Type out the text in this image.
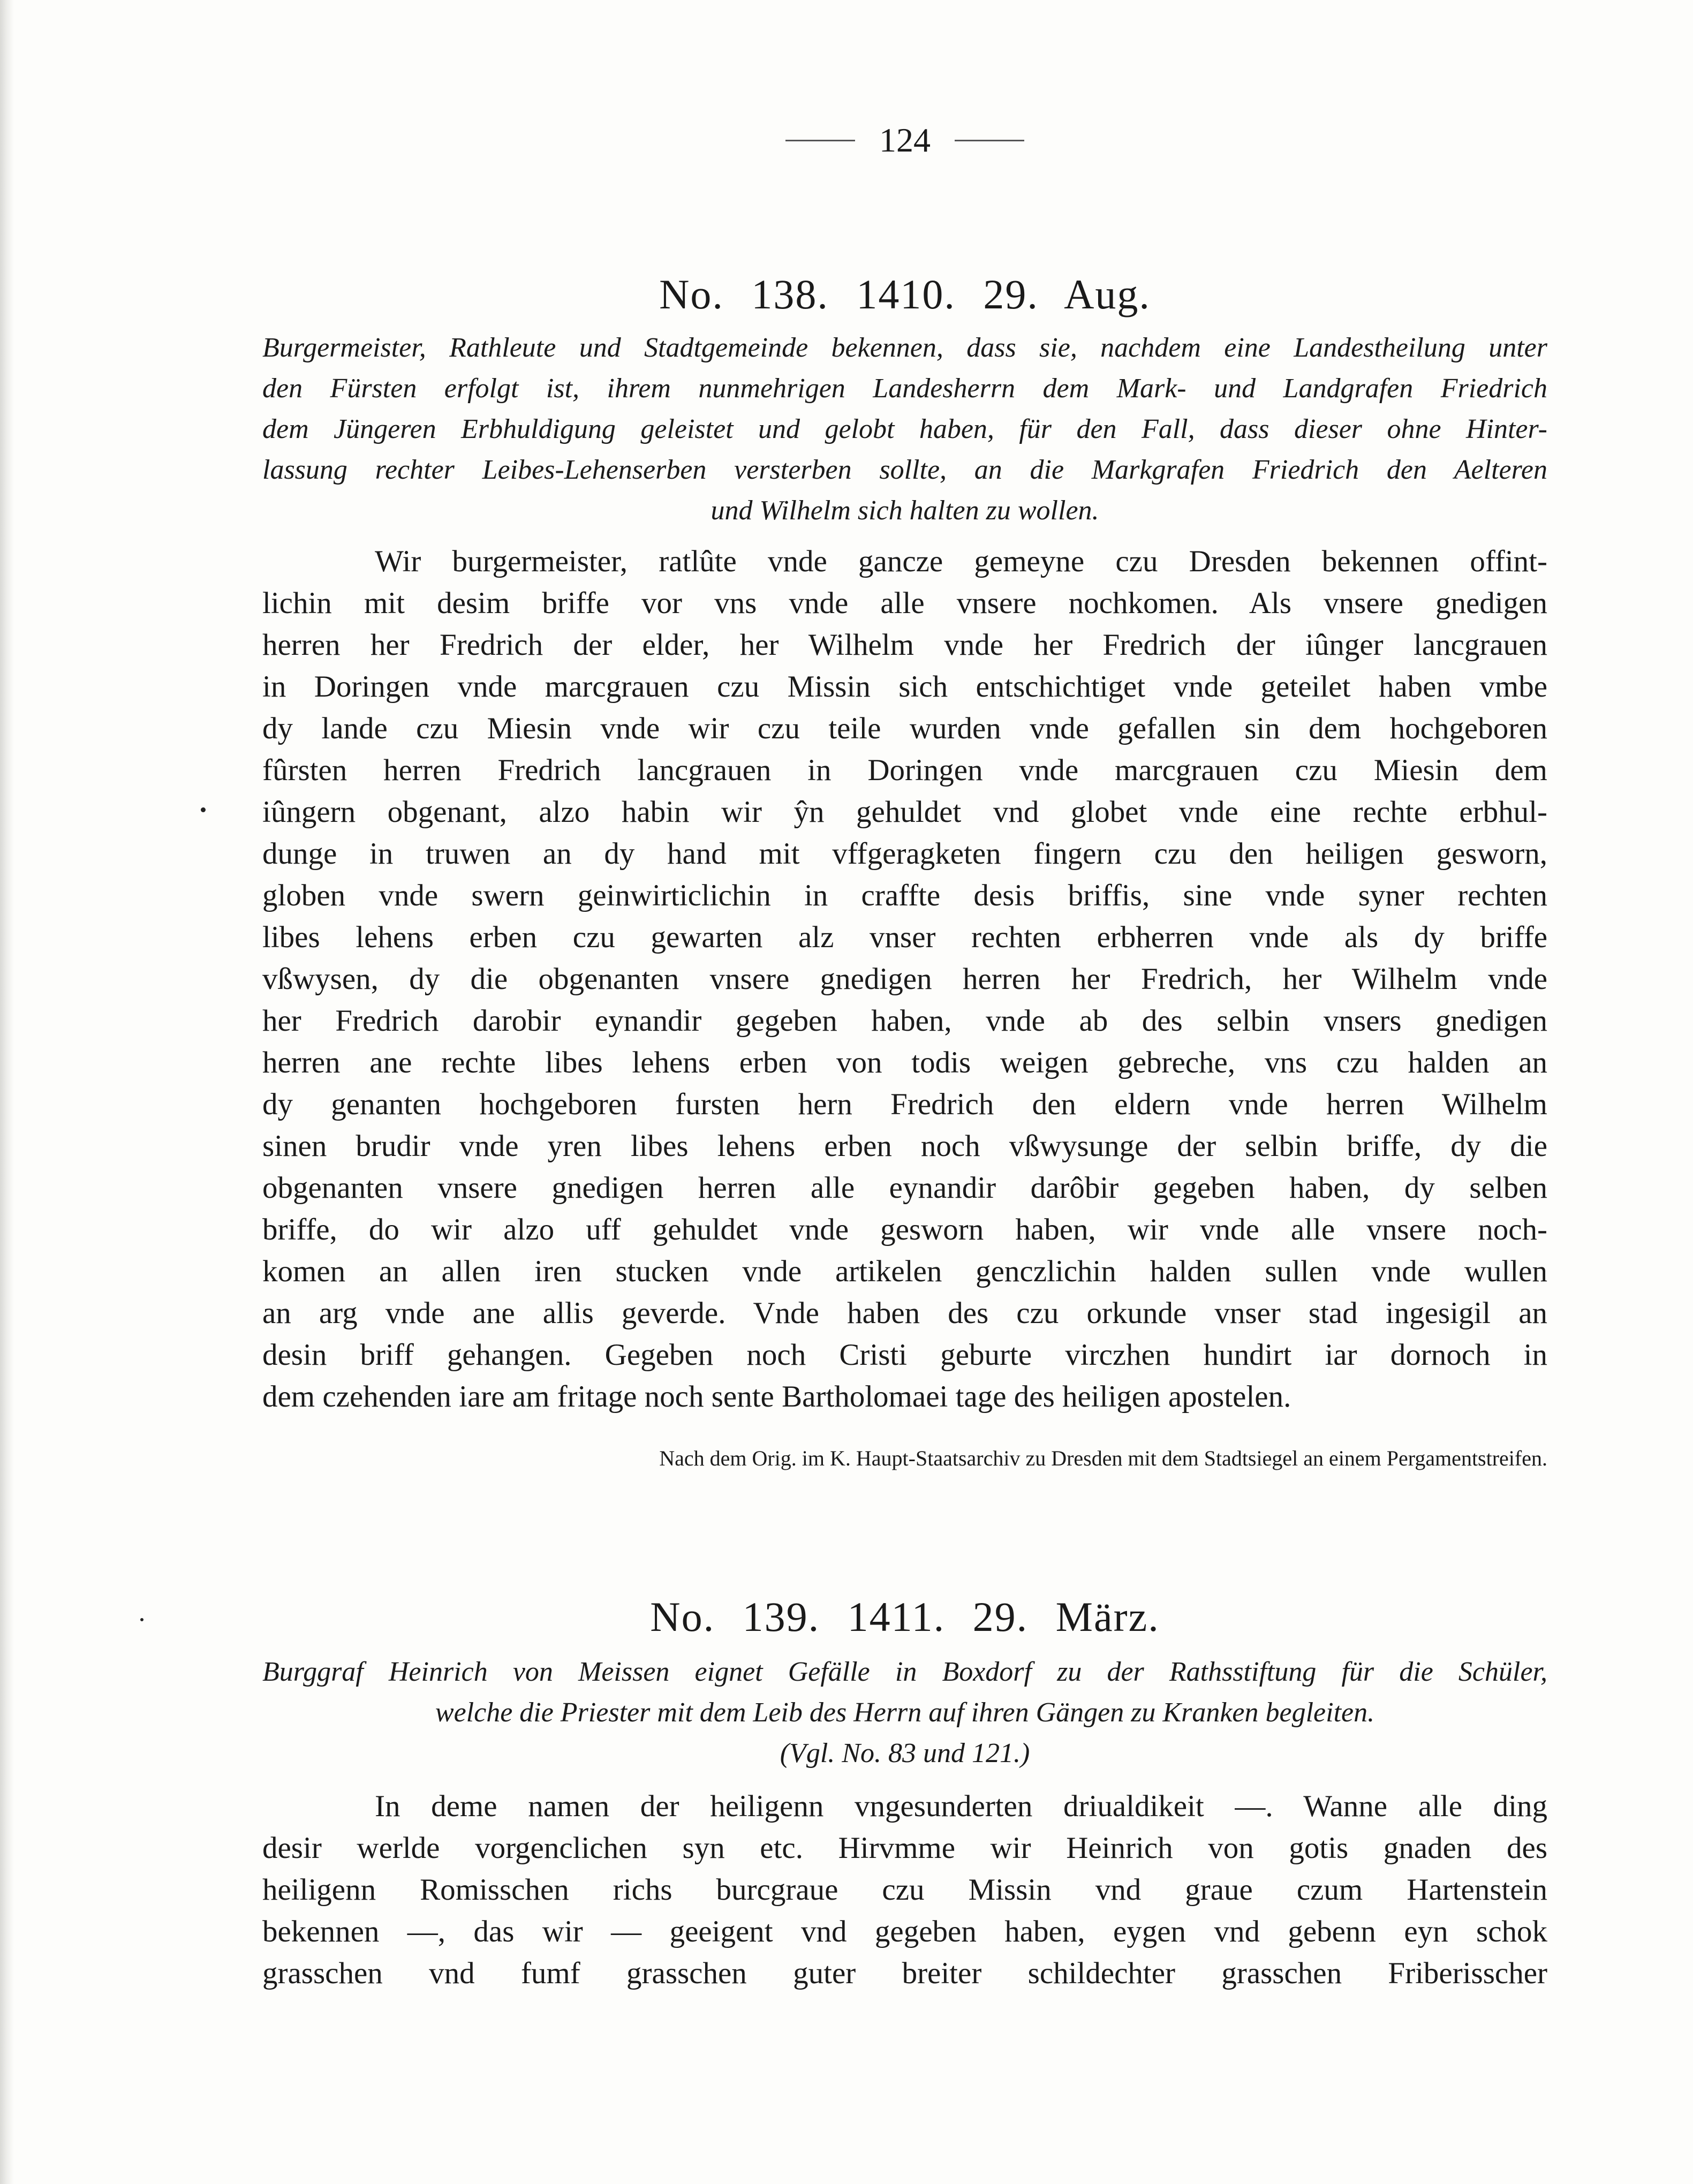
124
No. 138. 1410. 29. Aug.

Burgermeister, Rathleute und Stadtgemeinde bekennen, dass sie, nachdem eine Landestheilung unter
den Fürsten erfolgt ist, ihrem nunmehrigen Landesherrn dem Mark- und Landgrafen Friedrich
dem Jüngeren Erbhuldigung geleistet und gelobt haben, für den Fall, dass dieser ohne Hinter-
lassung rechter Leibes-Lehenserben versterben sollte, an die Markgrafen Friedrich den Aelteren
und Wilhelm sich halten zu wollen.

Wir burgermeister, ratlûte vnde gancze gemeyne czu Dresden bekennen offint-
lichin mit desim briffe vor vns vnde alle vnsere nochkomen. Als vnsere gnedigen
herren her Fredrich der elder, her Wilhelm vnde her Fredrich der iûnger lancgrauen
in Doringen vnde marcgrauen czu Missin sich entschichtiget vnde geteilet haben vmbe
dy lande czu Miesin vnde wir czu teile wurden vnde gefallen sin dem hochgeboren
fûrsten herren Fredrich lancgrauen in Doringen vnde marcgrauen czu Miesin dem
iûngern obgenant, alzo habin wir ŷn gehuldet vnd globet vnde eine rechte erbhul-
dunge in truwen an dy hand mit vffgeragketen fingern czu den heiligen gesworn,
globen vnde swern geinwirticlichin in craffte desis briffis, sine vnde syner rechten
libes lehens erben czu gewarten alz vnser rechten erbherren vnde als dy briffe
vßwysen, dy die obgenanten vnsere gnedigen herren her Fredrich, her Wilhelm vnde
her Fredrich darobir eynandir gegeben haben, vnde ab des selbin vnsers gnedigen
herren ane rechte libes lehens erben von todis weigen gebreche, vns czu halden an
dy genanten hochgeboren fursten hern Fredrich den eldern vnde herren Wilhelm
sinen brudir vnde yren libes lehens erben noch vßwysunge der selbin briffe, dy die
obgenanten vnsere gnedigen herren alle eynandir darôbir gegeben haben, dy selben
briffe, do wir alzo uff gehuldet vnde gesworn haben, wir vnde alle vnsere noch-
komen an allen iren stucken vnde artikelen genczlichin halden sullen vnde wullen
an arg vnde ane allis geverde. Vnde haben des czu orkunde vnser stad ingesigil an
desin briff gehangen. Gegeben noch Cristi geburte virczhen hundirt iar dornoch in
dem czehenden iare am fritage noch sente Bartholomaei tage des heiligen apostelen.

Nach dem Orig. im K. Haupt-Staatsarchiv zu Dresden mit dem Stadtsiegel an einem Pergamentstreifen.

No. 139. 1411. 29. März.

Burggraf Heinrich von Meissen eignet Gefälle in Boxdorf zu der Rathsstiftung für die Schüler,
welche die Priester mit dem Leib des Herrn auf ihren Gängen zu Kranken begleiten.
(Vgl. No. 83 und 121.)

In deme namen der heiligenn vngesunderten driualdikeit —. Wanne alle ding
desir werlde vorgenclichen syn etc. Hirvmme wir Heinrich von gotis gnaden des
heiligenn Romisschen richs burcgraue czu Missin vnd graue czum Hartenstein
bekennen —, das wir — geeigent vnd gegeben haben, eygen vnd gebenn eyn schok
grasschen vnd fumf grasschen guter breiter schildechter grasschen Friberisscher
